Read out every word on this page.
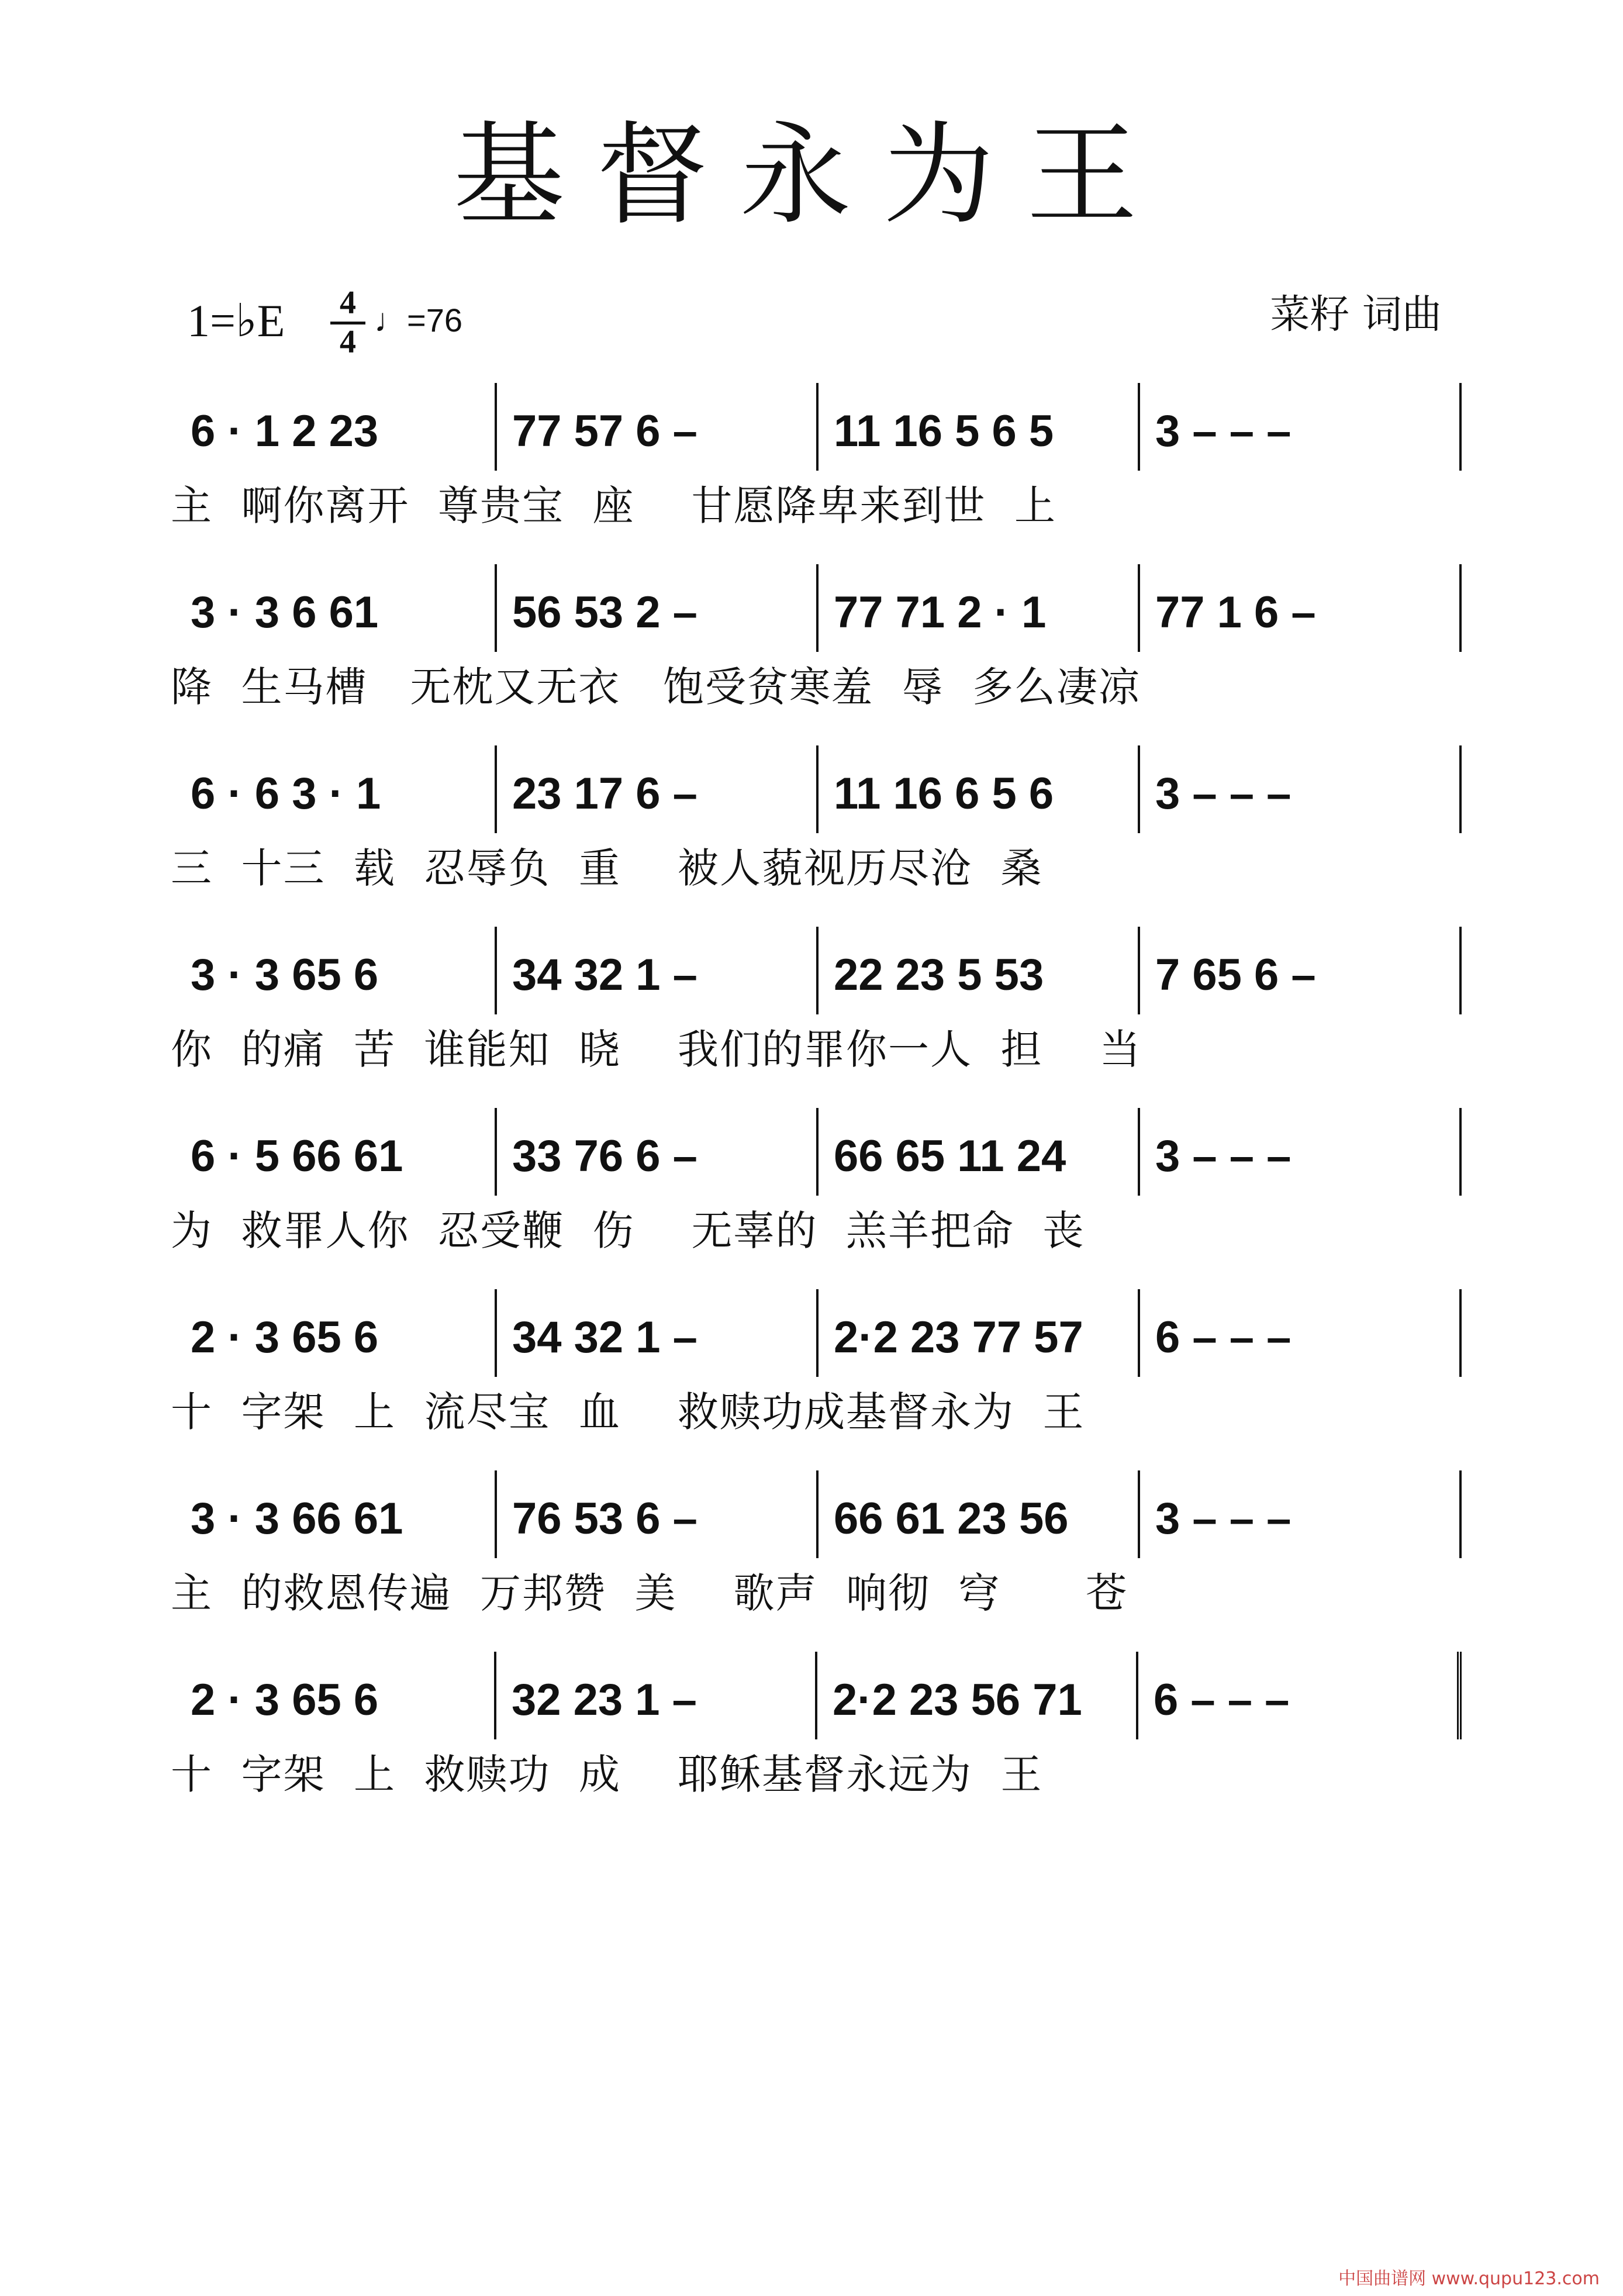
基督永为王
1=♭E 4
4
♩=76	菜籽 词曲
6 · 1 2 23	77 57 6 –	11 16 5 6 5	3 – – –
主  啊你离开  尊贵宝  座    甘愿降卑来到世  上
3 · 3 6 61	56 53 2 –	77 71 2 · 1	77 1 6 –
降  生马槽   无枕又无衣   饱受贫寒羞  辱  多么凄凉
6 · 6 3 · 1	23 17 6 –	11 16 6 5 6	3 – – –
三  十三  载  忍辱负  重    被人藐视历尽沧  桑
3 · 3 65 6	34 32 1 –	22 23 5 53	7 65 6 –
你  的痛  苦  谁能知  晓    我们的罪你一人  担    当
6 · 5 66 61	33 76 6 –	66 65 11 24	3 – – –
为  救罪人你  忍受鞭  伤    无辜的  羔羊把命  丧
2 · 3 65 6	34 32 1 –	2·2 23 77 57	6 – – –
十  字架  上  流尽宝  血    救赎功成基督永为  王
3 · 3 66 61	76 53 6 –	66 61 23 56	3 – – –
主  的救恩传遍  万邦赞  美    歌声  响彻  穹      苍
2 · 3 65 6	32 23 1 –	2·2 23 56 71	6 – – –
十  字架  上  救赎功  成    耶稣基督永远为  王
中国曲谱网 www.qupu123.com
